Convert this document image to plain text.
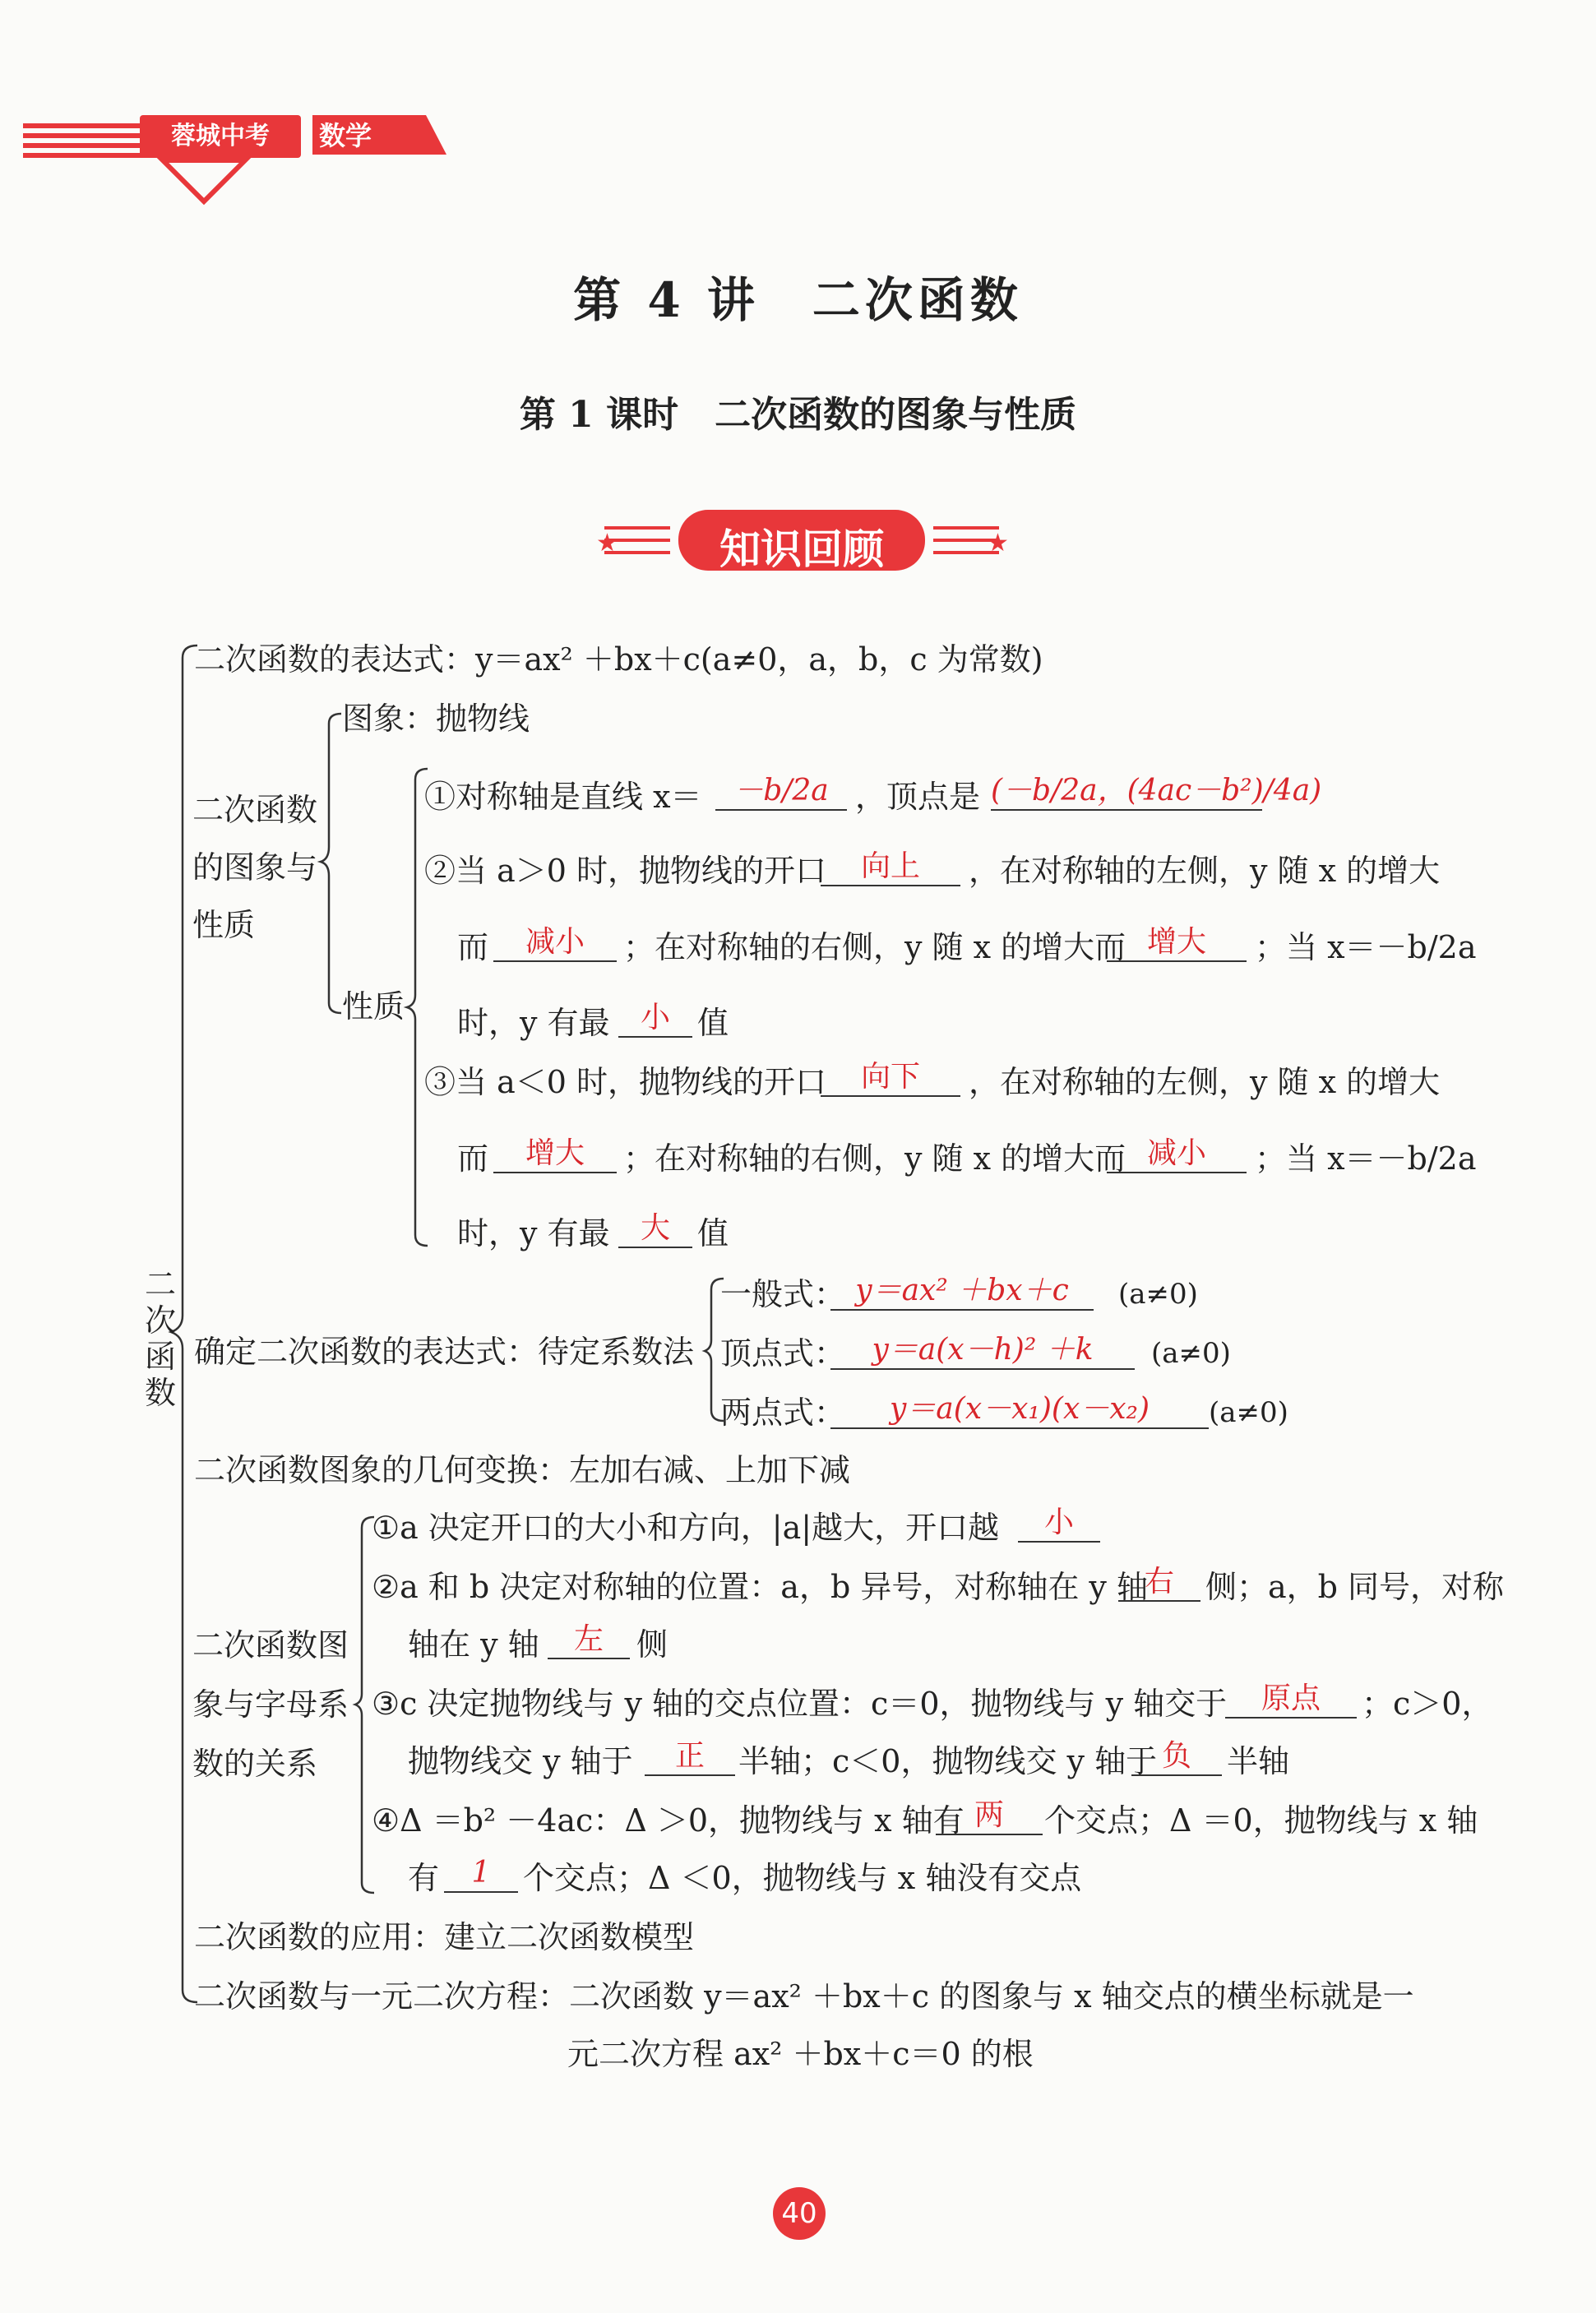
蓉城中考	数学
第 4 讲　二次函数
第 1 课时　二次函数的图象与性质
★	★
知识回顾
二次函数
二次函数的表达式：y＝ax² ＋bx＋c(a≠0，a，b，c 为常数)
二次函数的图象与性质
图象：抛物线
性质
①对称轴是直线 x＝	－b/2a ，顶点是 (－b/2a，(4ac－b²)/4a)
②当 a＞0 时，抛物线的开口	向上	，在对称轴的左侧，y 随 x 的增大
而	减小	；在对称轴的右侧，y 随 x 的增大而 增大	；当 x＝－b/2a
时，y 有最	小 值
③当 a＜0 时，抛物线的开口	向下	，在对称轴的左侧，y 随 x 的增大
而	增大	；在对称轴的右侧，y 随 x 的增大而 减小	；当 x＝－b/2a
时，y 有最	大 值
确定二次函数的表达式：待定系数法
一般式： y＝ax² ＋bx＋c	(a≠0)
顶点式： y＝a(x－h)² ＋k	(a≠0)
两点式：	y＝a(x－x₁)(x－x₂)	(a≠0)
二次函数图象的几何变换：左加右减、上加下减
二次函数图象与字母系数的关系
①a 决定开口的大小和方向，|a|越大，开口越	小
②a 和 b 决定对称轴的位置：a，b 异号，对称轴在 y 轴
右	侧；a，b 同号，对称
轴在 y 轴	左	侧
③c 决定抛物线与 y 轴的交点位置：c＝0，抛物线与 y 轴交于	原点	；c＞0，
抛物线交 y 轴于	正	半轴；c＜0，抛物线交 y 轴于 负	半轴
④Δ ＝b² －4ac：Δ ＞0，抛物线与 x 轴有 两	个交点；Δ ＝0，抛物线与 x 轴
有	1	个交点；Δ ＜0，抛物线与 x 轴没有交点
二次函数的应用：建立二次函数模型
二次函数与一元二次方程：二次函数 y＝ax² ＋bx＋c 的图象与 x 轴交点的横坐标就是一
元二次方程 ax² ＋bx＋c＝0 的根
40
